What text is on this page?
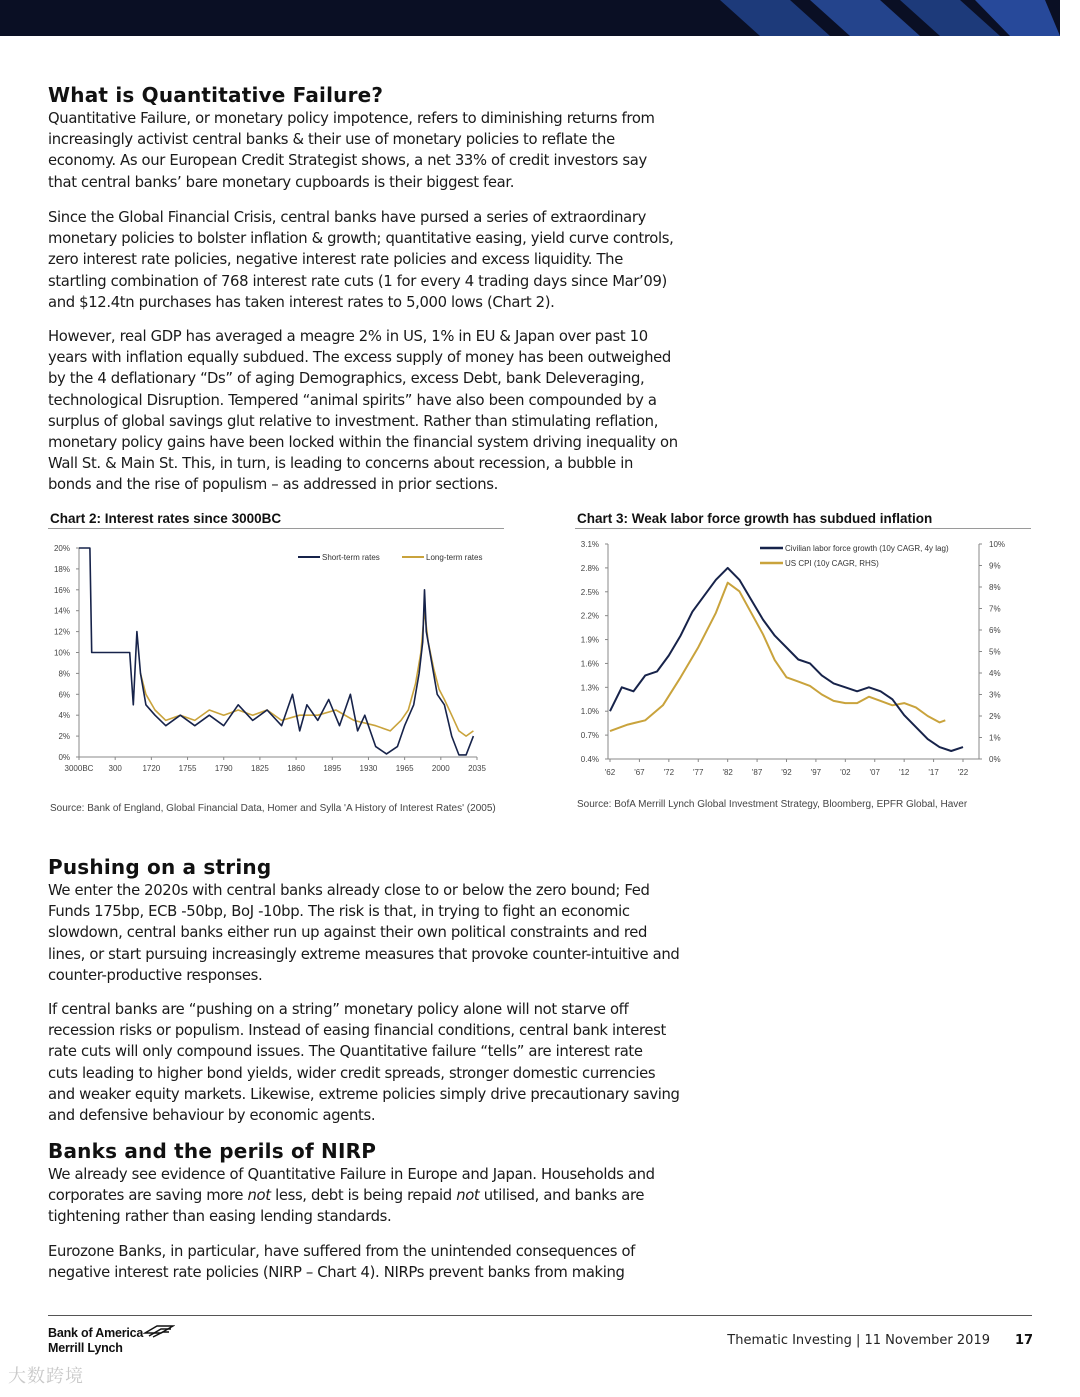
What is Quantitative Failure?
Quantitative Failure, or monetary policy impotence, refers to diminishing returns from
increasingly activist central banks & their use of monetary policies to reflate the
economy. As our European Credit Strategist shows, a net 33% of credit investors say
that central banks’ bare monetary cupboards is their biggest fear.
Since the Global Financial Crisis, central banks have pursed a series of extraordinary
monetary policies to bolster inflation & growth; quantitative easing, yield curve controls,
zero interest rate policies, negative interest rate policies and excess liquidity. The
startling combination of 768 interest rate cuts (1 for every 4 trading days since Mar’09)
and $12.4tn purchases has taken interest rates to 5,000 lows (Chart 2).
However, real GDP has averaged a meagre 2% in US, 1% in EU & Japan over past 10
years with inflation equally subdued. The excess supply of money has been outweighed
by the 4 deflationary “Ds” of aging Demographics, excess Debt, bank Deleveraging,
technological Disruption. Tempered “animal spirits” have also been compounded by a
surplus of global savings glut relative to investment. Rather than stimulating reflation,
monetary policy gains have been locked within the financial system driving inequality on
Wall St. & Main St. This, in turn, is leading to concerns about recession, a bubble in
bonds and the rise of populism – as addressed in prior sections.
Chart 2: Interest rates since 3000BC
0%
2%
4%
6%
8%
10%
12%
14%
16%
18%
20%
3000BC 300	1720 1755 1790 1825 1860 1895 1930 1965 2000 2035
Short-term rates	Long-term rates
Source: Bank of England, Global Financial Data, Homer and Sylla 'A History of Interest Rates' (2005)
Chart 3: Weak labor force growth has subdued inflation
0.4%
0.7%
1.0%
1.3%
1.6%
1.9%
2.2%
2.5%
2.8%
3.1%
0%
1%
2%
3%
4%
5%
6%
7%
8%
9%
10%
'62 '67 '72 '77 '82 '87 '92 '97 '02 '07 '12 '17 '22
Civilian labor force growth (10y CAGR, 4y lag)
US CPI (10y CAGR, RHS)
Source: BofA Merrill Lynch Global Investment Strategy, Bloomberg, EPFR Global, Haver
Pushing on a string
We enter the 2020s with central banks already close to or below the zero bound; Fed
Funds 175bp, ECB -50bp, BoJ -10bp. The risk is that, in trying to fight an economic
slowdown, central banks either run up against their own political constraints and red
lines, or start pursuing increasingly extreme measures that provoke counter-intuitive and
counter-productive responses.
If central banks are “pushing on a string” monetary policy alone will not starve off
recession risks or populism. Instead of easing financial conditions, central bank interest
rate cuts will only compound issues. The Quantitative failure “tells” are interest rate
cuts leading to higher bond yields, wider credit spreads, stronger domestic currencies
and weaker equity markets. Likewise, extreme policies simply drive precautionary saving
and defensive behaviour by economic agents.
Banks and the perils of NIRP
We already see evidence of Quantitative Failure in Europe and Japan. Households and
corporates are saving more not less, debt is being repaid not utilised, and banks are
tightening rather than easing lending standards.
Eurozone Banks, in particular, have suffered from the unintended consequences of
negative interest rate policies (NIRP – Chart 4). NIRPs prevent banks from making
Bank of America
Merrill Lynch	Thematic Investing | 11 November 2019 17
大数跨境
